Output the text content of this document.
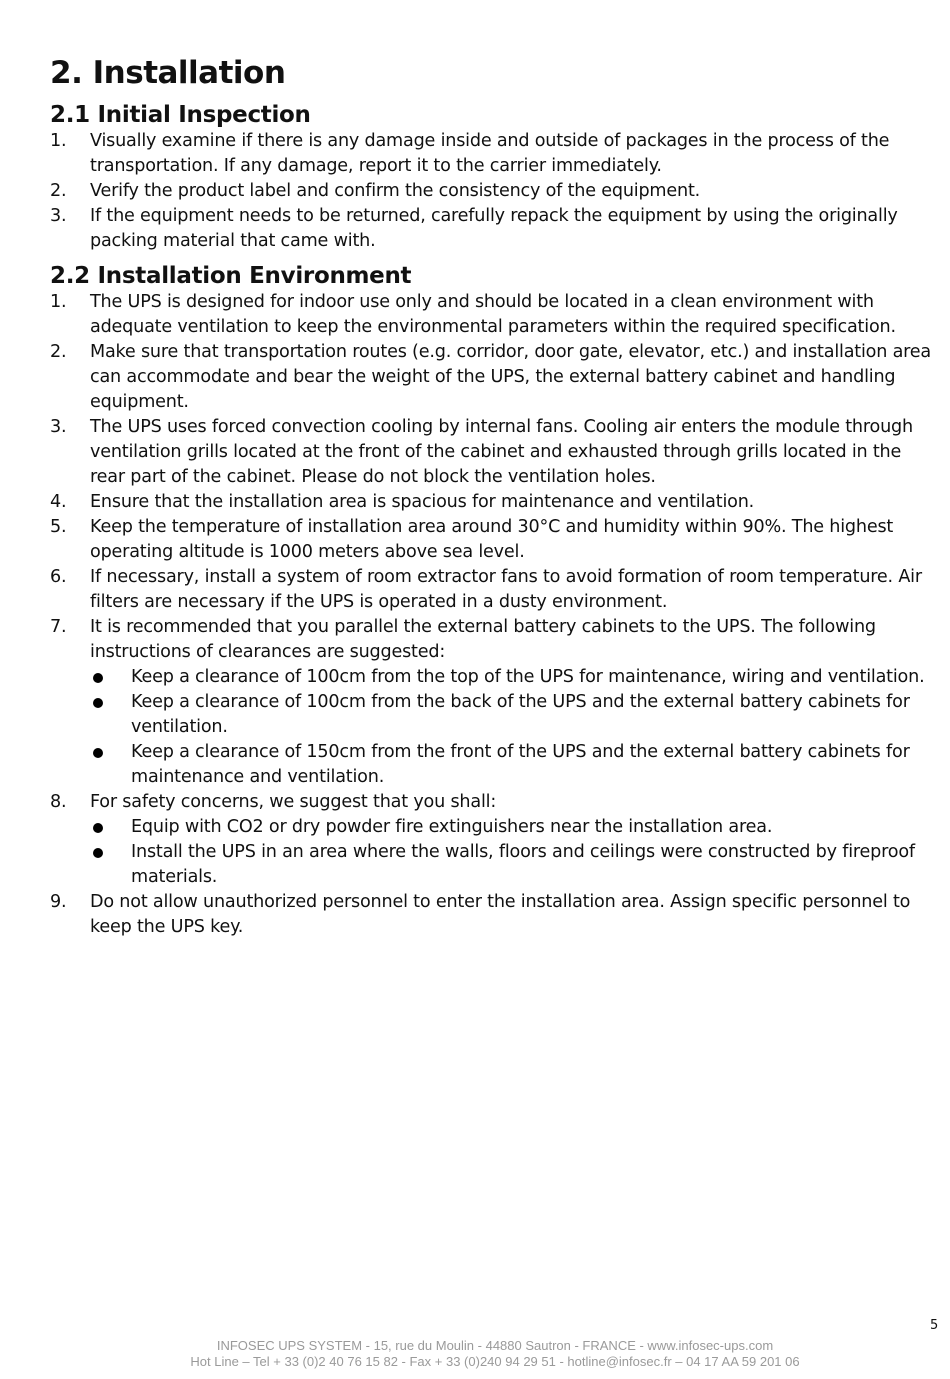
2. Installation
2.1 Initial Inspection
1. Visually examine if there is any damage inside and outside of packages in the process of the transportation. If any damage, report it to the carrier immediately.
2. Verify the product label and confirm the consistency of the equipment.
3. If the equipment needs to be returned, carefully repack the equipment by using the originally packing material that came with.
2.2 Installation Environment
1. The UPS is designed for indoor use only and should be located in a clean environment with adequate ventilation to keep the environmental parameters within the required specification.
2. Make sure that transportation routes (e.g. corridor, door gate, elevator, etc.) and installation area can accommodate and bear the weight of the UPS, the external battery cabinet and handling equipment.
3. The UPS uses forced convection cooling by internal fans. Cooling air enters the module through ventilation grills located at the front of the cabinet and exhausted through grills located in the rear part of the cabinet. Please do not block the ventilation holes.
4. Ensure that the installation area is spacious for maintenance and ventilation.
5. Keep the temperature of installation area around 30°C and humidity within 90%. The highest operating altitude is 1000 meters above sea level.
6. If necessary, install a system of room extractor fans to avoid formation of room temperature. Air filters are necessary if the UPS is operated in a dusty environment.
7. It is recommended that you parallel the external battery cabinets to the UPS. The following instructions of clearances are suggested:
Keep a clearance of 100cm from the top of the UPS for maintenance, wiring and ventilation.
Keep a clearance of 100cm from the back of the UPS and the external battery cabinets for ventilation.
Keep a clearance of 150cm from the front of the UPS and the external battery cabinets for maintenance and ventilation.
8. For safety concerns, we suggest that you shall:
Equip with CO2 or dry powder fire extinguishers near the installation area.
Install the UPS in an area where the walls, floors and ceilings were constructed by fireproof materials.
9. Do not allow unauthorized personnel to enter the installation area. Assign specific personnel to keep the UPS key.
5
INFOSEC UPS SYSTEM - 15, rue du Moulin - 44880 Sautron - FRANCE - www.infosec-ups.com
Hot Line – Tel + 33 (0)2 40 76 15 82 - Fax + 33 (0)240 94 29 51 - hotline@infosec.fr – 04 17 AA 59 201 06
